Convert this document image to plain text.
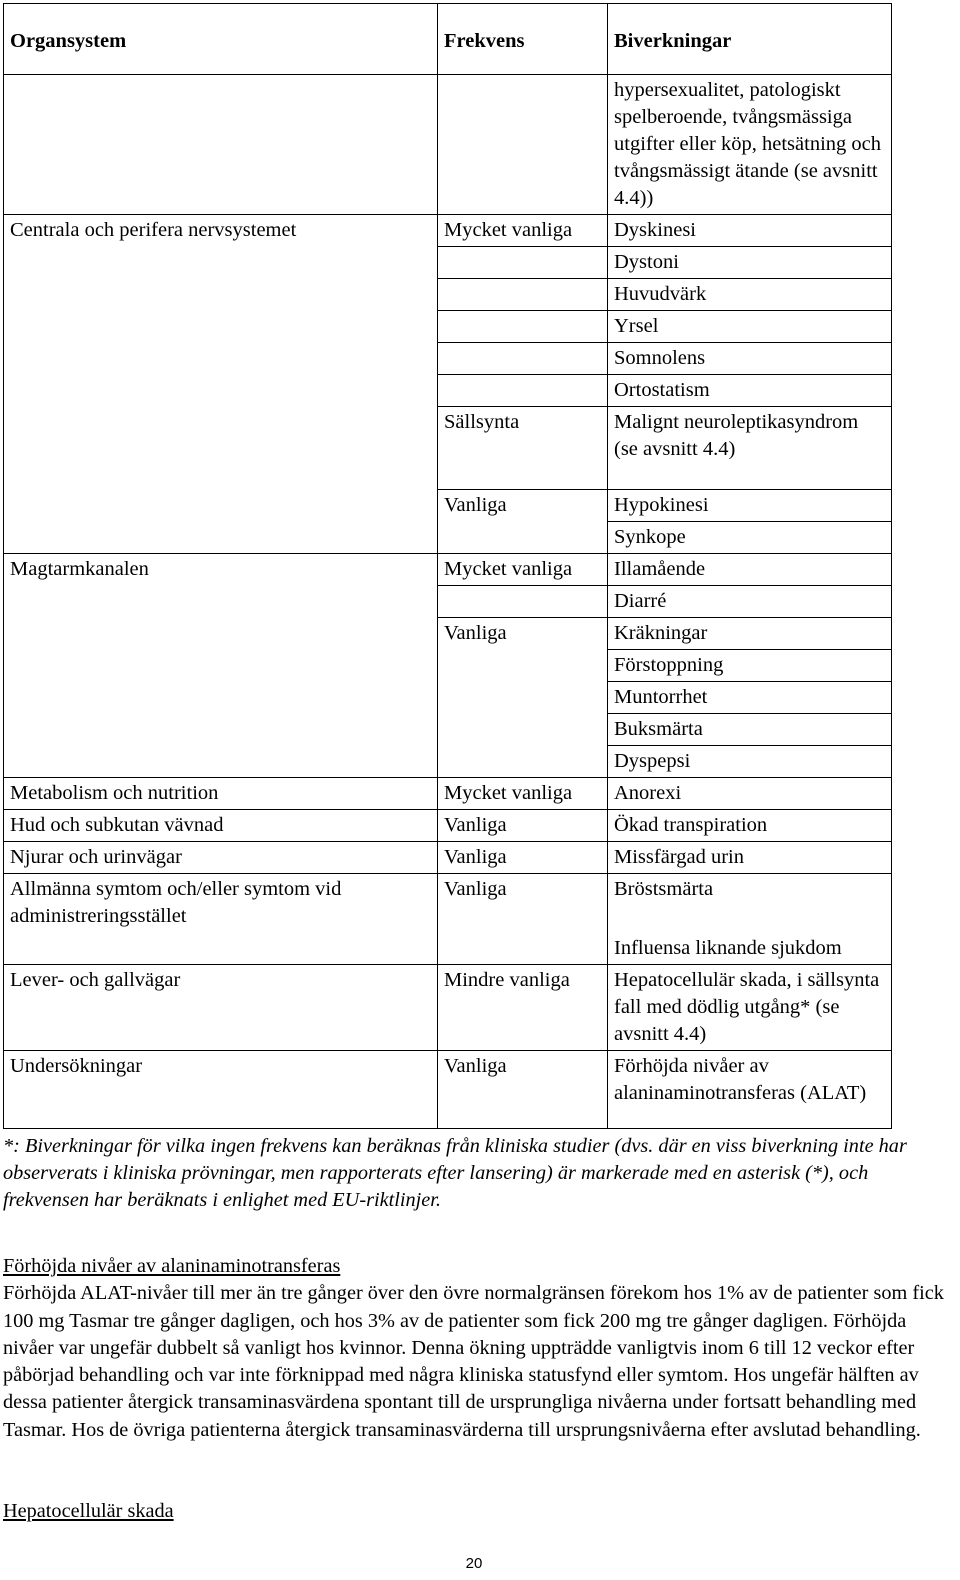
Organsystem	Frekvens	Biverkningar
		hypersexualitet, patologiskt spelberoende, tvångsmässiga utgifter eller köp, hetsätning och tvångsmässigt ätande (se avsnitt 4.4))
Centrala och perifera nervsystemet	Mycket vanliga	Dyskinesi
		Dystoni
		Huvudvärk
		Yrsel
		Somnolens
		Ortostatism
	Sällsynta	Malignt neuroleptikasyndrom (se avsnitt 4.4)
	Vanliga	Hypokinesi
		Synkope
Magtarmkanalen	Mycket vanliga	Illamående
		Diarré
	Vanliga	Kräkningar
		Förstoppning
		Muntorrhet
		Buksmärta
		Dyspepsi
Metabolism och nutrition	Mycket vanliga	Anorexi
Hud och subkutan vävnad	Vanliga	Ökad transpiration
Njurar och urinvägar	Vanliga	Missfärgad urin
Allmänna symtom och/eller symtom vid administreringsstället	Vanliga	Bröstsmärta
		Influensa liknande sjukdom
Lever- och gallvägar	Mindre vanliga	Hepatocellulär skada, i sällsynta fall med dödlig utgång* (se avsnitt 4.4)
Undersökningar	Vanliga	Förhöjda nivåer av alaninaminotransferas (ALAT)
*: Biverkningar för vilka ingen frekvens kan beräknas från kliniska studier (dvs. där en viss biverkning inte har observerats i kliniska prövningar, men rapporterats efter lansering) är markerade med en asterisk (*), och frekvensen har beräknats i enlighet med EU-riktlinjer.
Förhöjda nivåer av alaninaminotransferas
Förhöjda ALAT-nivåer till mer än tre gånger över den övre normalgränsen förekom hos 1% av de patienter som fick 100 mg Tasmar tre gånger dagligen, och hos 3% av de patienter som fick 200 mg tre gånger dagligen. Förhöjda nivåer var ungefär dubbelt så vanligt hos kvinnor. Denna ökning uppträdde vanligtvis inom 6 till 12 veckor efter påbörjad behandling och var inte förknippad med några kliniska statusfynd eller symtom. Hos ungefär hälften av dessa patienter återgick transaminasvärdena spontant till de ursprungliga nivåerna under fortsatt behandling med Tasmar. Hos de övriga patienterna återgick transaminasvärderna till ursprungsnivåerna efter avslutad behandling.
Hepatocellulär skada
20
